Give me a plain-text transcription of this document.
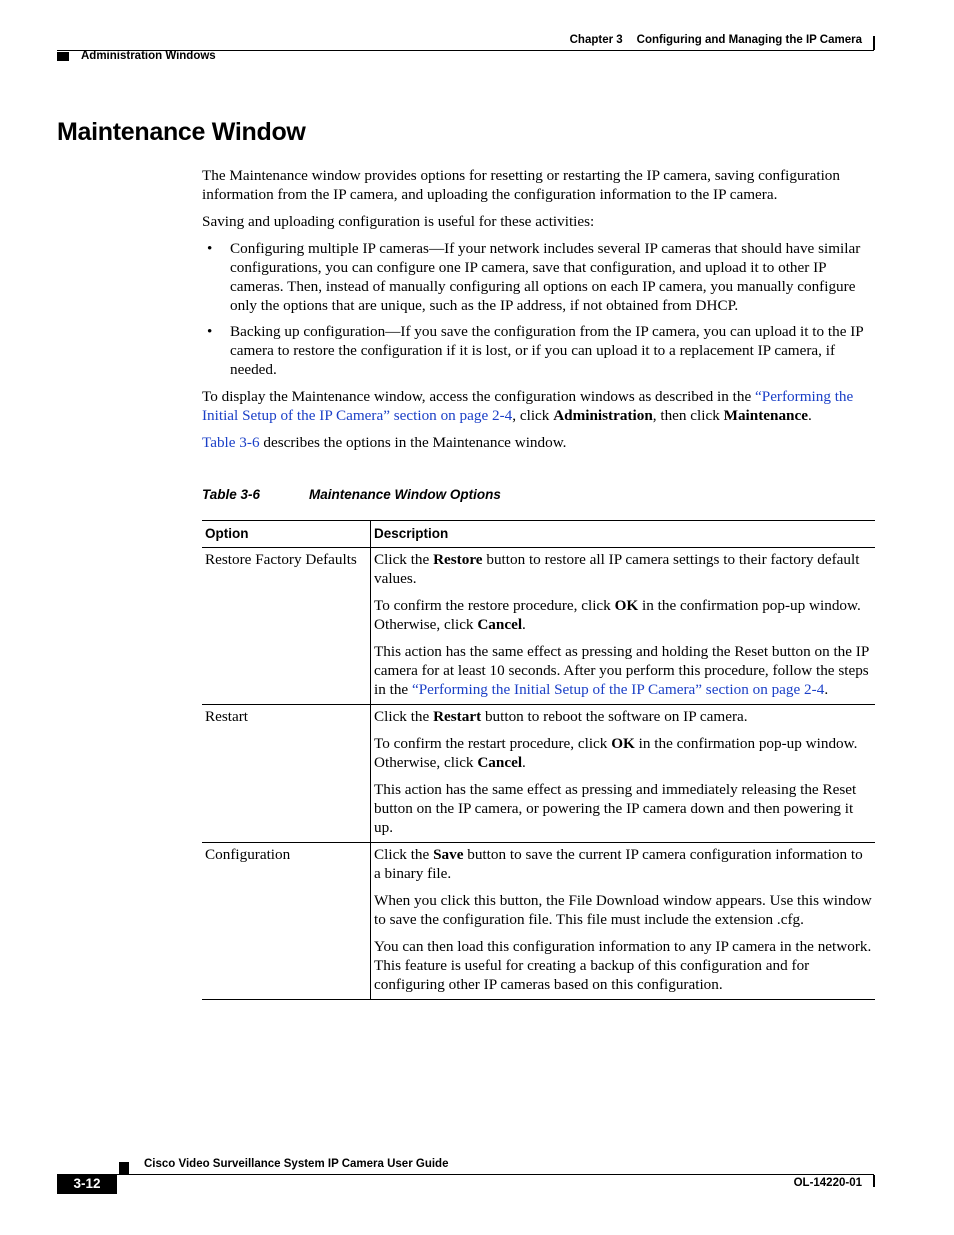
Chapter 3 Configuring and Managing the IP Camera
Administration Windows
Maintenance Window

The Maintenance window provides options for resetting or restarting the IP camera, saving configuration information from the IP camera, and uploading the configuration information to the IP camera.

Saving and uploading configuration is useful for these activities:

• Configuring multiple IP cameras—If your network includes several IP cameras that should have similar configurations, you can configure one IP camera, save that configuration, and upload it to other IP cameras. Then, instead of manually configuring all options on each IP camera, you manually configure only the options that are unique, such as the IP address, if not obtained from DHCP.
• Backing up configuration—If you save the configuration from the IP camera, you can upload it to the IP camera to restore the configuration if it is lost, or if you can upload it to a replacement IP camera, if needed.

To display the Maintenance window, access the configuration windows as described in the “Performing the Initial Setup of the IP Camera” section on page 2-4, click Administration, then click Maintenance.

Table 3-6 describes the options in the Maintenance window.

Table 3-6	Maintenance Window Options
Option	Description
Restore Factory Defaults	Click the Restore button to restore all IP camera settings to their factory default values.

To confirm the restore procedure, click OK in the confirmation pop-up window. Otherwise, click Cancel.

This action has the same effect as pressing and holding the Reset button on the IP camera for at least 10 seconds. After you perform this procedure, follow the steps in the “Performing the Initial Setup of the IP Camera” section on page 2-4.

Restart	Click the Restart button to reboot the software on IP camera.

To confirm the restart procedure, click OK in the confirmation pop-up window. Otherwise, click Cancel.

This action has the same effect as pressing and immediately releasing the Reset button on the IP camera, or powering the IP camera down and then powering it up.

Configuration	Click the Save button to save the current IP camera configuration information to a binary file.

When you click this button, the File Download window appears. Use this window to save the configuration file. This file must include the extension .cfg.

You can then load this configuration information to any IP camera in the network. This feature is useful for creating a backup of this configuration and for configuring other IP cameras based on this configuration.

Cisco Video Surveillance System IP Camera User Guide
3-12	OL-14220-01
